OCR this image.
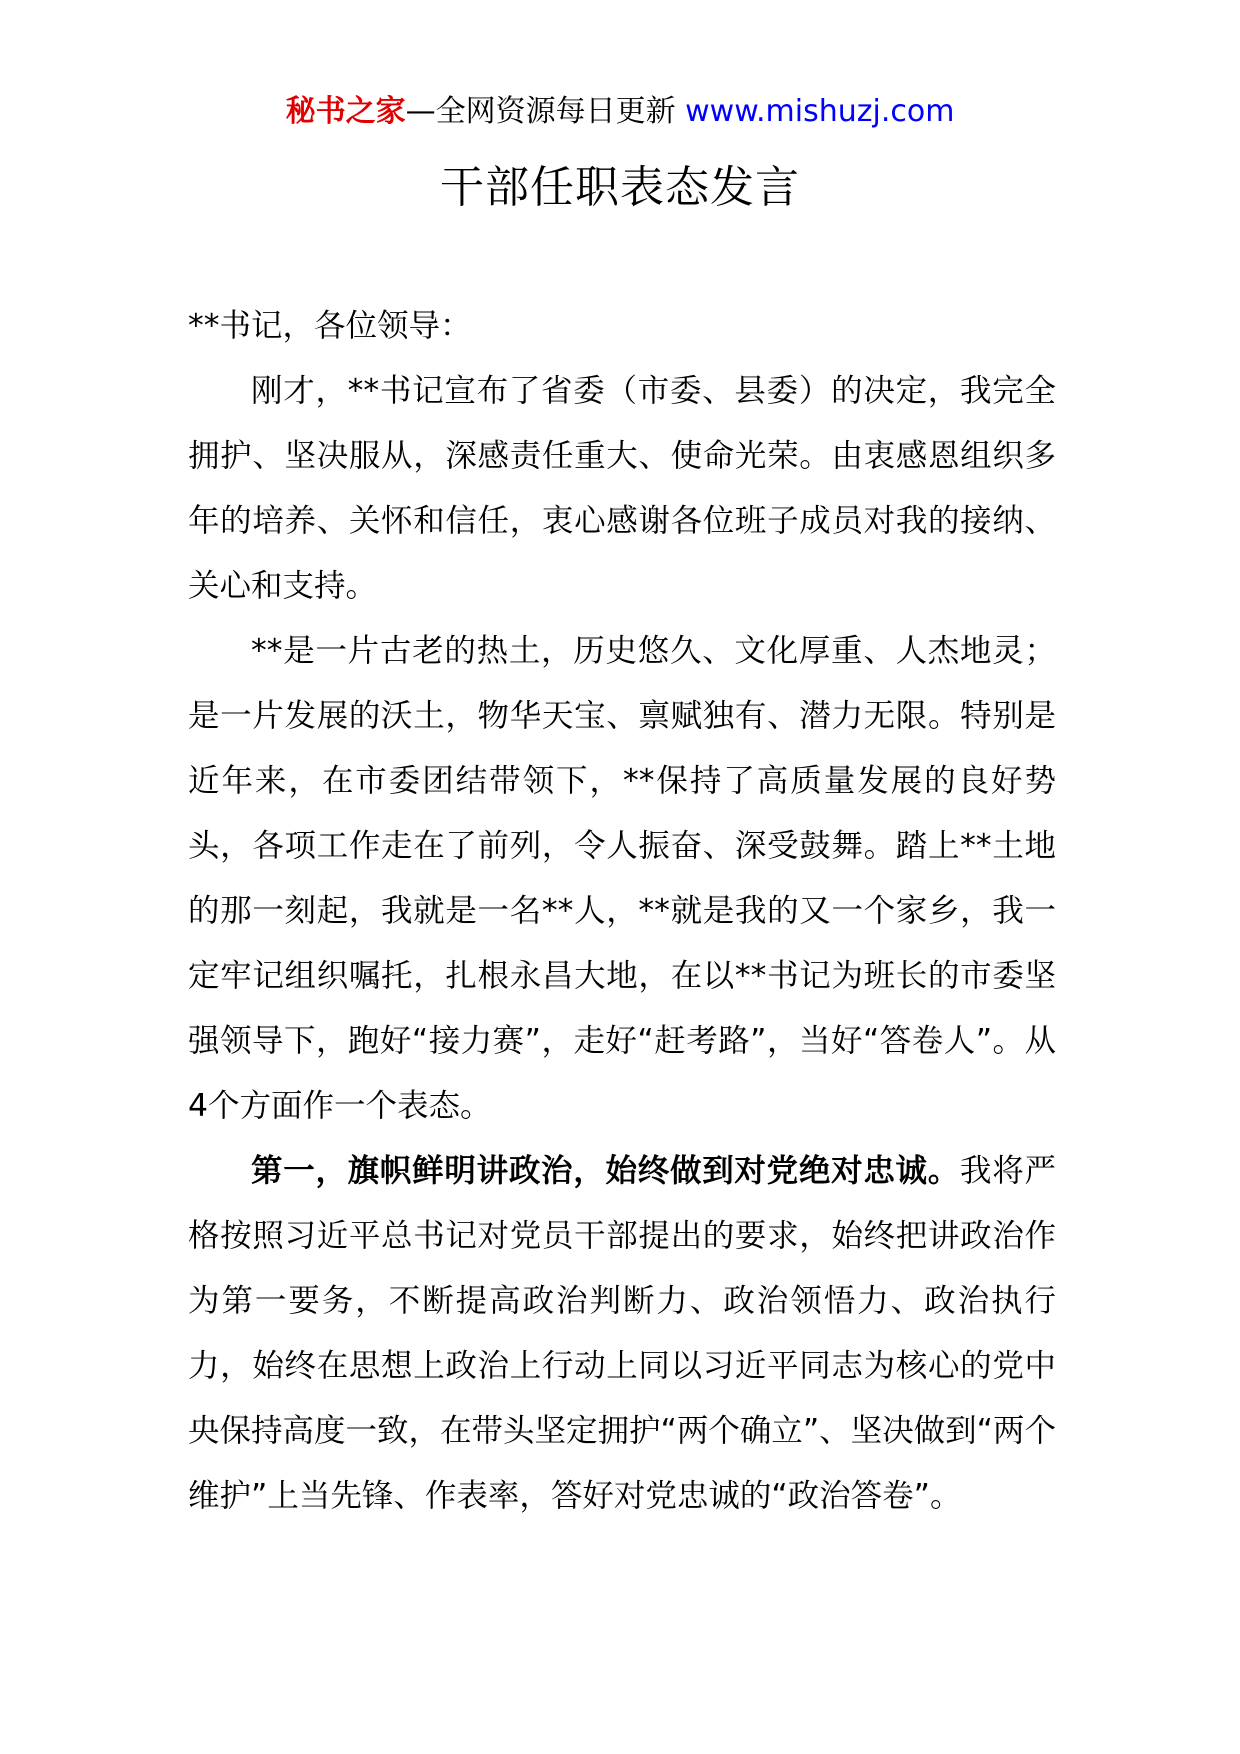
秘书之家—全网资源每日更新 www.mishuzj.com
干部任职表态发言

**书记，各位领导：

刚才，**书记宣布了省委（市委、县委）的决定，我完全拥护、坚决服从，深感责任重大、使命光荣。由衷感恩组织多年的培养、关怀和信任，衷心感谢各位班子成员对我的接纳、关心和支持。

**是一片古老的热土，历史悠久、文化厚重、人杰地灵；是一片发展的沃土，物华天宝、禀赋独有、潜力无限。特别是近年来，在市委团结带领下，**保持了高质量发展的良好势头，各项工作走在了前列，令人振奋、深受鼓舞。踏上**土地的那一刻起，我就是一名**人，**就是我的又一个家乡，我一定牢记组织嘱托，扎根永昌大地，在以**书记为班长的市委坚强领导下，跑好“接力赛”，走好“赶考路”，当好“答卷人”。从4个方面作一个表态。

第一，旗帜鲜明讲政治，始终做到对党绝对忠诚。我将严格按照习近平总书记对党员干部提出的要求，始终把讲政治作为第一要务，不断提高政治判断力、政治领悟力、政治执行力，始终在思想上政治上行动上同以习近平同志为核心的党中央保持高度一致，在带头坚定拥护“两个确立”、坚决做到“两个维护”上当先锋、作表率，答好对党忠诚的“政治答卷”。
